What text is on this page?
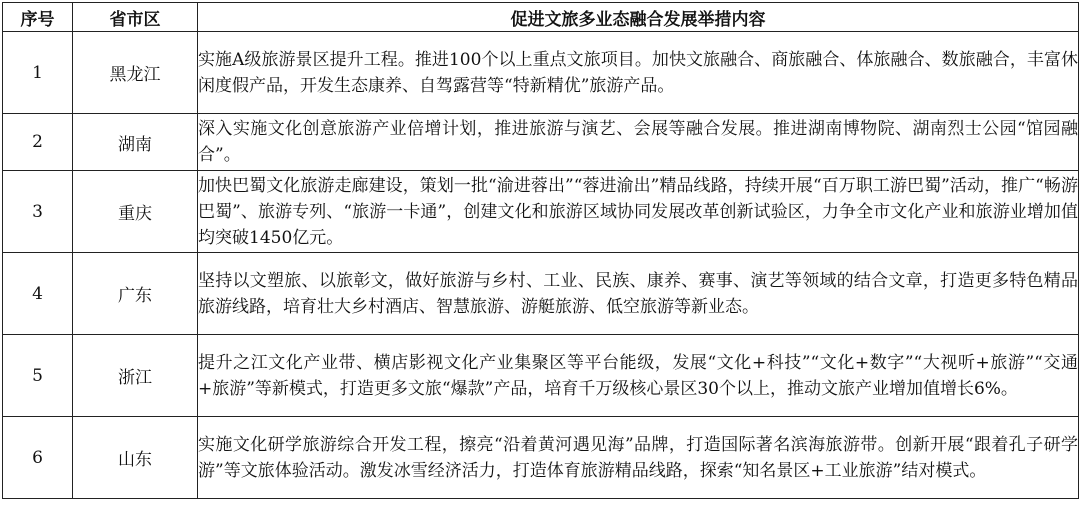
序号	省市区	促进文旅多业态融合发展举措内容
1	黑龙江	实施A级旅游景区提升工程。推进100个以上重点文旅项目。加快文旅融合、商旅融合、体旅融合、数旅融合，丰富休闲度假产品，开发生态康养、自驾露营等“特新精优”旅游产品。
2	湖南	深入实施文化创意旅游产业倍增计划，推进旅游与演艺、会展等融合发展。推进湖南博物院、湖南烈士公园“馆园融合”。
3	重庆	加快巴蜀文化旅游走廊建设，策划一批“渝进蓉出”“蓉进渝出”精品线路，持续开展“百万职工游巴蜀”活动，推广“畅游巴蜀”、旅游专列、“旅游一卡通”，创建文化和旅游区域协同发展改革创新试验区，力争全市文化产业和旅游业增加值均突破1450亿元。
4	广东	坚持以文塑旅、以旅彰文，做好旅游与乡村、工业、民族、康养、赛事、演艺等领域的结合文章，打造更多特色精品旅游线路，培育壮大乡村酒店、智慧旅游、游艇旅游、低空旅游等新业态。
5	浙江	提升之江文化产业带、横店影视文化产业集聚区等平台能级，发展“文化+科技”“文化+数字”“大视听+旅游”“交通+旅游”等新模式，打造更多文旅“爆款”产品，培育千万级核心景区30个以上，推动文旅产业增加值增长6%。
6	山东	实施文化研学旅游综合开发工程，擦亮“沿着黄河遇见海”品牌，打造国际著名滨海旅游带。创新开展“跟着孔子研学游”等文旅体验活动。激发冰雪经济活力，打造体育旅游精品线路，探索“知名景区+工业旅游”结对模式。
